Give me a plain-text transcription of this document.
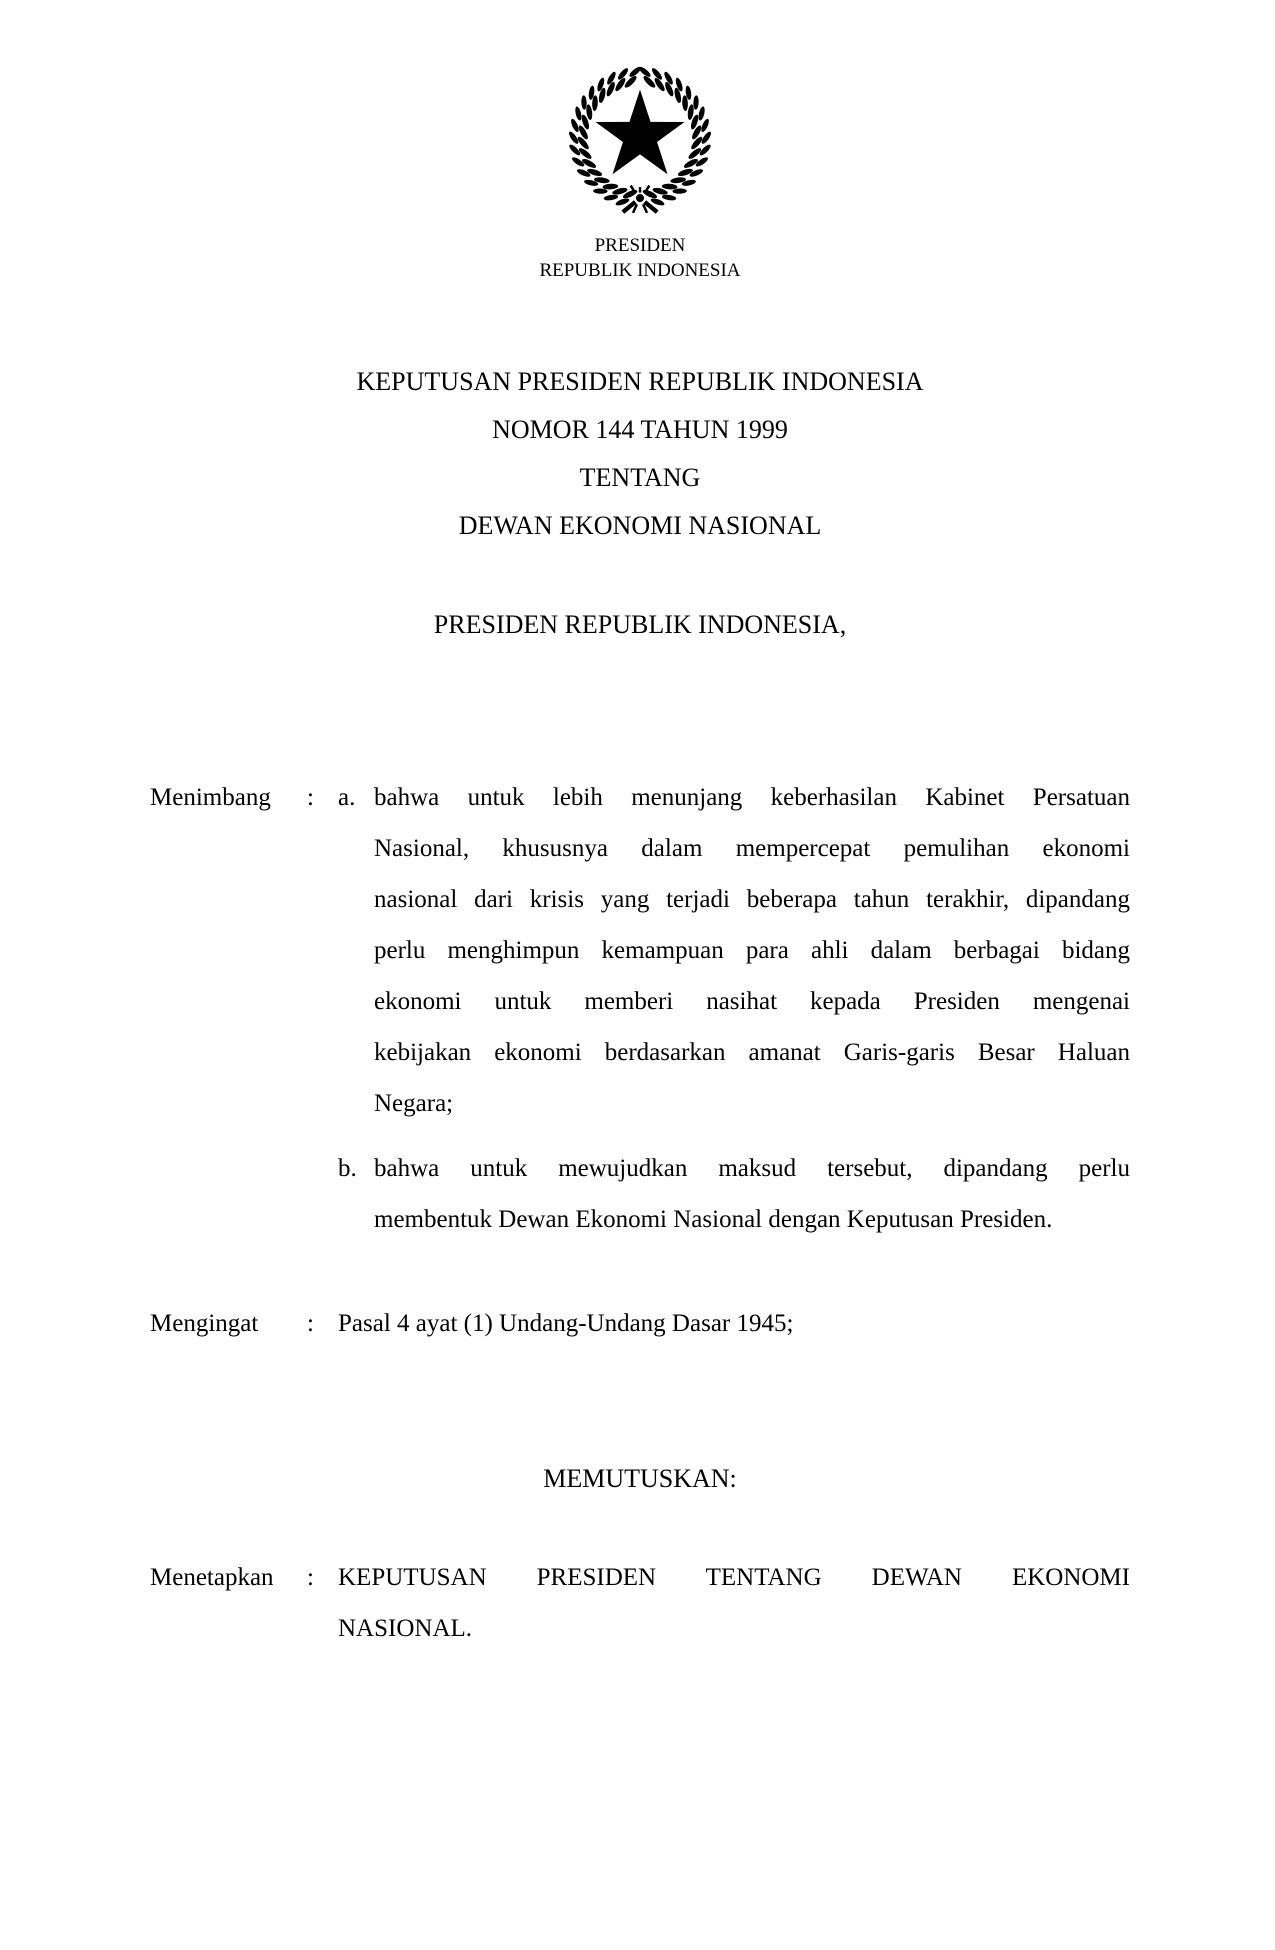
PRESIDEN
REPUBLIK INDONESIA
KEPUTUSAN PRESIDEN REPUBLIK INDONESIA
NOMOR 144 TAHUN 1999
TENTANG
DEWAN EKONOMI NASIONAL
PRESIDEN REPUBLIK INDONESIA,
Menimbang	: a. bahwa untuk lebih menunjang keberhasilan Kabinet Persatuan
Nasional, khususnya dalam mempercepat pemulihan ekonomi
nasional dari krisis yang terjadi beberapa tahun terakhir, dipandang
perlu menghimpun kemampuan para ahli dalam berbagai bidang
ekonomi untuk memberi nasihat kepada Presiden mengenai
kebijakan ekonomi berdasarkan amanat Garis-garis Besar Haluan
Negara;
b. bahwa untuk mewujudkan maksud tersebut, dipandang perlu
membentuk Dewan Ekonomi Nasional dengan Keputusan Presiden.
Mengingat	: Pasal 4 ayat (1) Undang-Undang Dasar 1945;
MEMUTUSKAN:
Menetapkan	: KEPUTUSAN PRESIDEN TENTANG DEWAN EKONOMI
NASIONAL.
